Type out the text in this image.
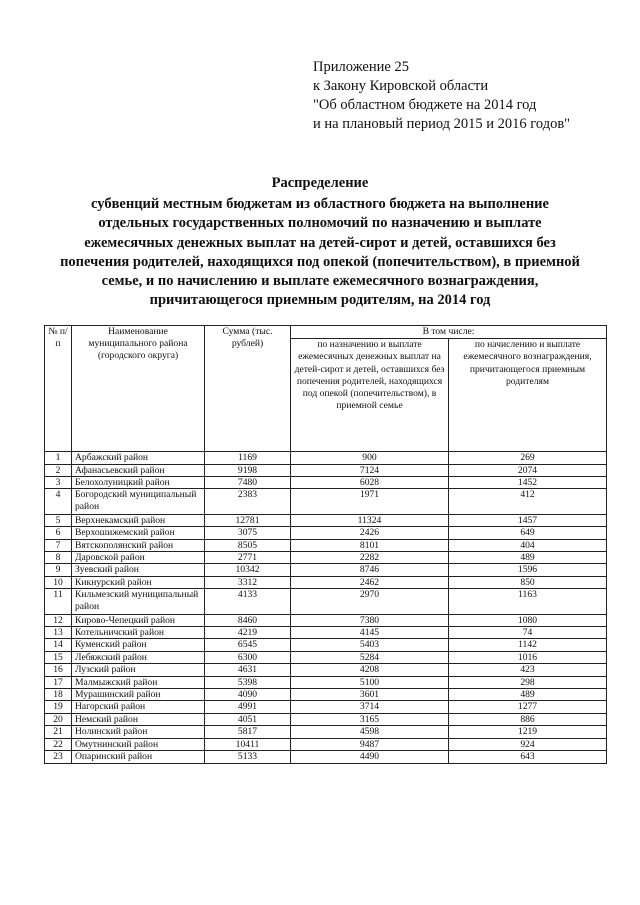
Приложение 25
к Закону Кировской области
"Об областном бюджете на 2014 год
и на плановый период 2015 и 2016 годов"
Распределение
субвенций местным бюджетам из областного бюджета на выполнение
отдельных государственных полномочий по назначению и выплате
ежемесячных денежных выплат на детей-сирот и детей, оставшихся без
попечения родителей, находящихся под опекой (попечительством), в приемной
семье, и по начислению и выплате ежемесячного вознаграждения,
причитающегося приемным родителям, на 2014 год
№ п/п	Наименование муниципального района (городского округа)	Сумма (тыс. рублей)	В том числе:	
			по назначению и выплате ежемесячных денежных выплат на детей-сирот и детей, оставшихся без попечения родителей, находящихся под опекой (попечительством), в приемной семье	по начислению и выплате ежемесячного вознаграждения, причитающегося приемным родителям
1	Арбажский район	1169	900	269
2	Афанасьевский район	9198	7124	2074
3	Белохолуницкий район	7480	6028	1452
4	Богородский муниципальный район	2383	1971	412
5	Верхнекамский район	12781	11324	1457
6	Верхошижемский район	3075	2426	649
7	Вятскополянский район	8505	8101	404
8	Даровской район	2771	2282	489
9	Зуевский район	10342	8746	1596
10	Кикнурский район	3312	2462	850
11	Кильмезский муниципальный район	4133	2970	1163
12	Кирово-Чепецкий район	8460	7380	1080
13	Котельничский район	4219	4145	74
14	Куменский район	6545	5403	1142
15	Лебяжский район	6300	5284	1016
16	Лузский район	4631	4208	423
17	Малмыжский район	5398	5100	298
18	Мурашинский район	4090	3601	489
19	Нагорский район	4991	3714	1277
20	Немский район	4051	3165	886
21	Нолинский район	5817	4598	1219
22	Омутнинский район	10411	9487	924
23	Опаринский район	5133	4490	643
